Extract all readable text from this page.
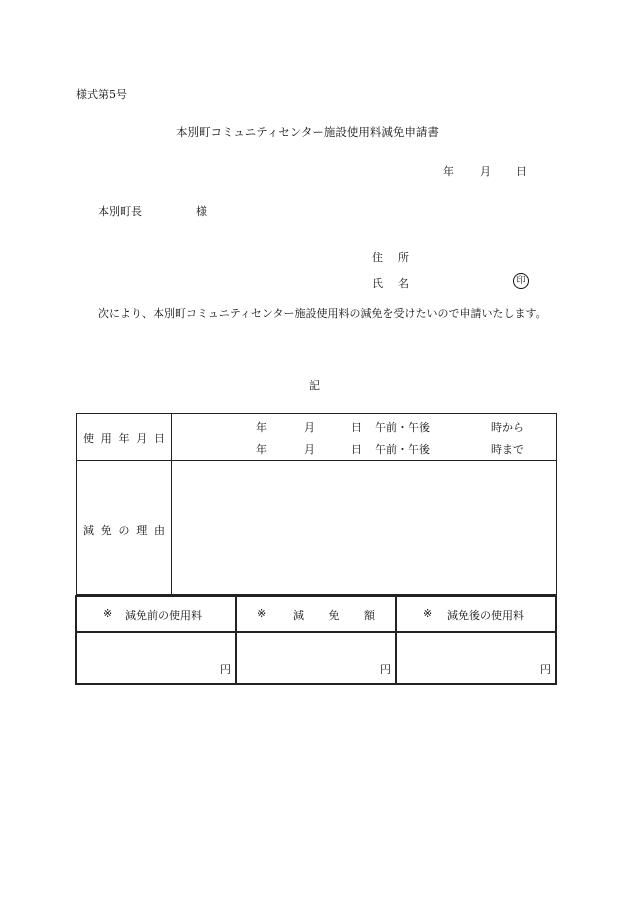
様式第5号
本別町コミュニティセンター施設使用料減免申請書
年 月 日
本別町長	様
住 所
氏 名	印

次により、本別町コミュニティセンター施設使用料の減免を受けたいので申請いたします。

記
使 用 年 月 日
年	月	日 午前・午後	時から
年	月	日 午前・午後	時まで
減 免 の 理 由
※ 減免前の使用料	※ 減 免 額	※ 減免後の使用料
円	円	円
